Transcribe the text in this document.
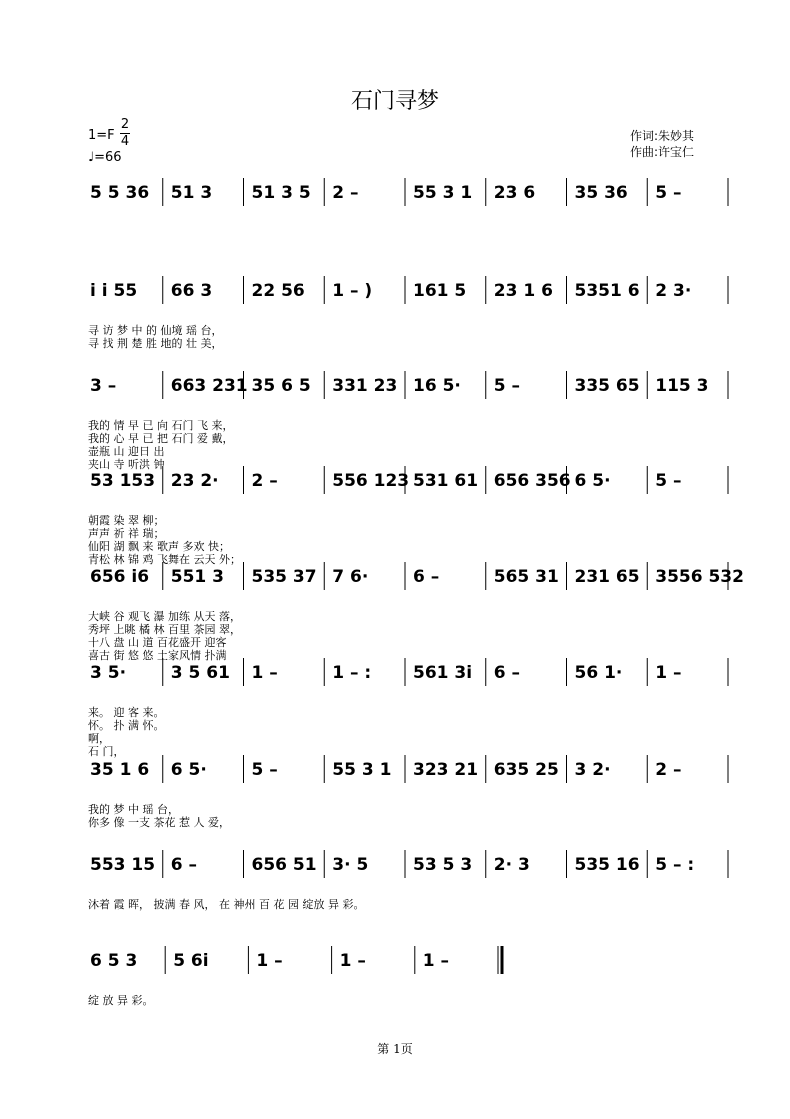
石门寻梦
1=F
2
4
♩=66
作词:朱妙其
作曲:许宝仁
5 5 36 51 3 51 3 5 2 –	55 3 1 23 6 35 36 5 –
i i 55 66 3 22 56 1 – ) 161 5 23 1 6 5351 6 2 3·
寻 访 梦 中 的 仙境 瑶 台，
寻 找 荆 楚 胜 地的 壮 美，
3 –	663 231 35 6 5 331 23 16 5· 5 –	335 65 115 3
我的 情 早 已 向 石门 飞 来，
我的 心 早 已 把 石门 爱 戴，
壶瓶 山 迎日 出
夹山 寺 听洪 钟
53 153 23 2· 2 –	556 123 531 61 656 356 6 5·	5 –
朝霞 染 翠 柳；
声声 祈 祥 瑞；
仙阳 湖 飘 来 歌声 多欢 快；
青松 林 锦 鸡 飞舞在 云天 外；
656 i6 551 3 535 37 7 6·	6 –	565 31 231 65 3556 532
大峡 谷 观飞 瀑 加练 从天 落，
秀坪 上眺 橘 林 百里 茶园 翠，
十八 盘 山 道 百花盛开 迎客
喜古 街 悠 悠 土家风情 扑满
3 5·	3 5 61 1 –	1 – : 561 3i 6 –	56 1· 1 –
来。 迎 客 来。
怀。 扑 满 怀。
啊，
石 门，
35 1 6 6 5·	5 –	55 3 1 323 21 635 25 3 2·	2 –
我的 梦 中 瑶 台，
你多 像 一支 茶花 惹 人 爱，
553 15 6 –	656 51 3· 5	53 5 3 2· 3	535 16 5 – :
沐着 霞 晖， 披满 春 风， 在 神州 百 花 园 绽放 异 彩。
6 5 3 5 6i	1 –	1 –	1 –
绽 放 异 彩。
第 1页
